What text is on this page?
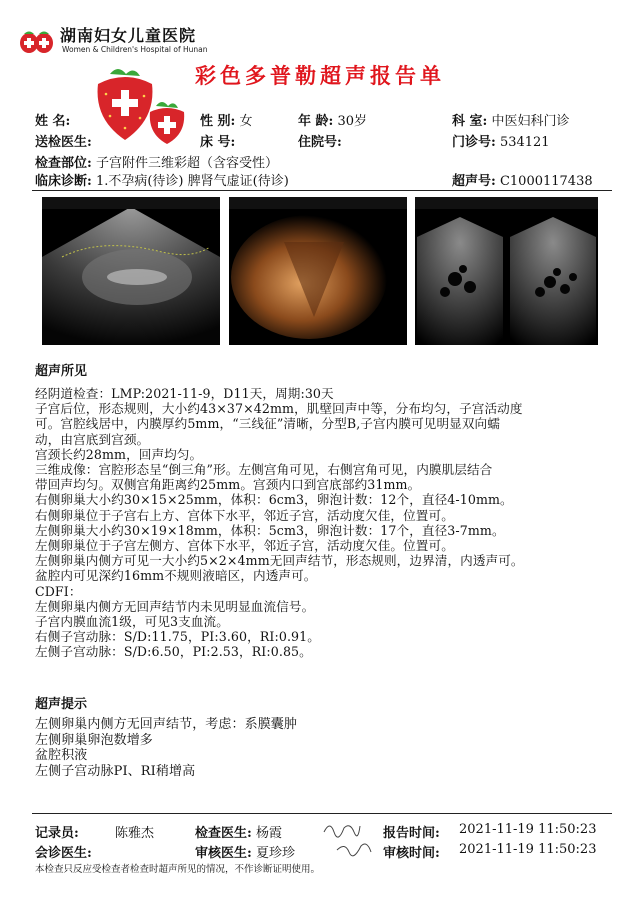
湖南妇女儿童医院
Women & Children's Hospital of Hunan
彩色多普勒超声报告单
姓 名:	性 别: 女	年 龄: 30岁	科 室: 中医妇科门诊
送检医生:	床 号:	住院号:	门诊号: 534121
检查部位: 子宫附件三维彩超（含容受性）
临床诊断: 1.不孕病(待诊) 脾肾气虚证(待诊)	超声号: C1000117438
超声所见
经阴道检查：LMP:2021-11-9，D11天，周期:30天
子宫后位，形态规则，大小约43×37×42mm，肌壁回声中等，分布均匀，子宫活动度
可。宫腔线居中，内膜厚约5mm，“三线征”清晰，分型B,子宫内膜可见明显双向蠕
动，由宫底到宫颈。
宫颈长约28mm，回声均匀。
三维成像：宫腔形态呈“倒三角”形。左侧宫角可见，右侧宫角可见，内膜肌层结合
带回声均匀。双侧宫角距离约25mm。宫颈内口到宫底部约31mm。
右侧卵巢大小约30×15×25mm，体积：6cm3，卵泡计数：12个，直径4-10mm。
右侧卵巢位于子宫右上方、宫体下水平，邻近子宫，活动度欠佳，位置可。
左侧卵巢大小约30×19×18mm，体积：5cm3，卵泡计数：17个，直径3-7mm。
左侧卵巢位于子宫左侧方、宫体下水平，邻近子宫，活动度欠佳。位置可。
左侧卵巢内侧方可见一大小约5×2×4mm无回声结节，形态规则，边界清，内透声可。
盆腔内可见深约16mm不规则液暗区，内透声可。
CDFI：
左侧卵巢内侧方无回声结节内未见明显血流信号。
子宫内膜血流1级，可见3支血流。
右侧子宫动脉：S/D:11.75，PI:3.60，RI:0.91。
左侧子宫动脉：S/D:6.50，PI:2.53，RI:0.85。
超声提示
左侧卵巢内侧方无回声结节，考虑：系膜囊肿
左侧卵巢卵泡数增多
盆腔积液
左侧子宫动脉PI、RI稍增高
记录员:	陈雅杰	检查医生: 杨霞	报告时间: 2021-11-19 11:50:23
会诊医生:	审核医生: 夏珍珍	审核时间: 2021-11-19 11:50:23
本检查只反应受检查者检查时超声所见的情况，不作诊断证明使用。
